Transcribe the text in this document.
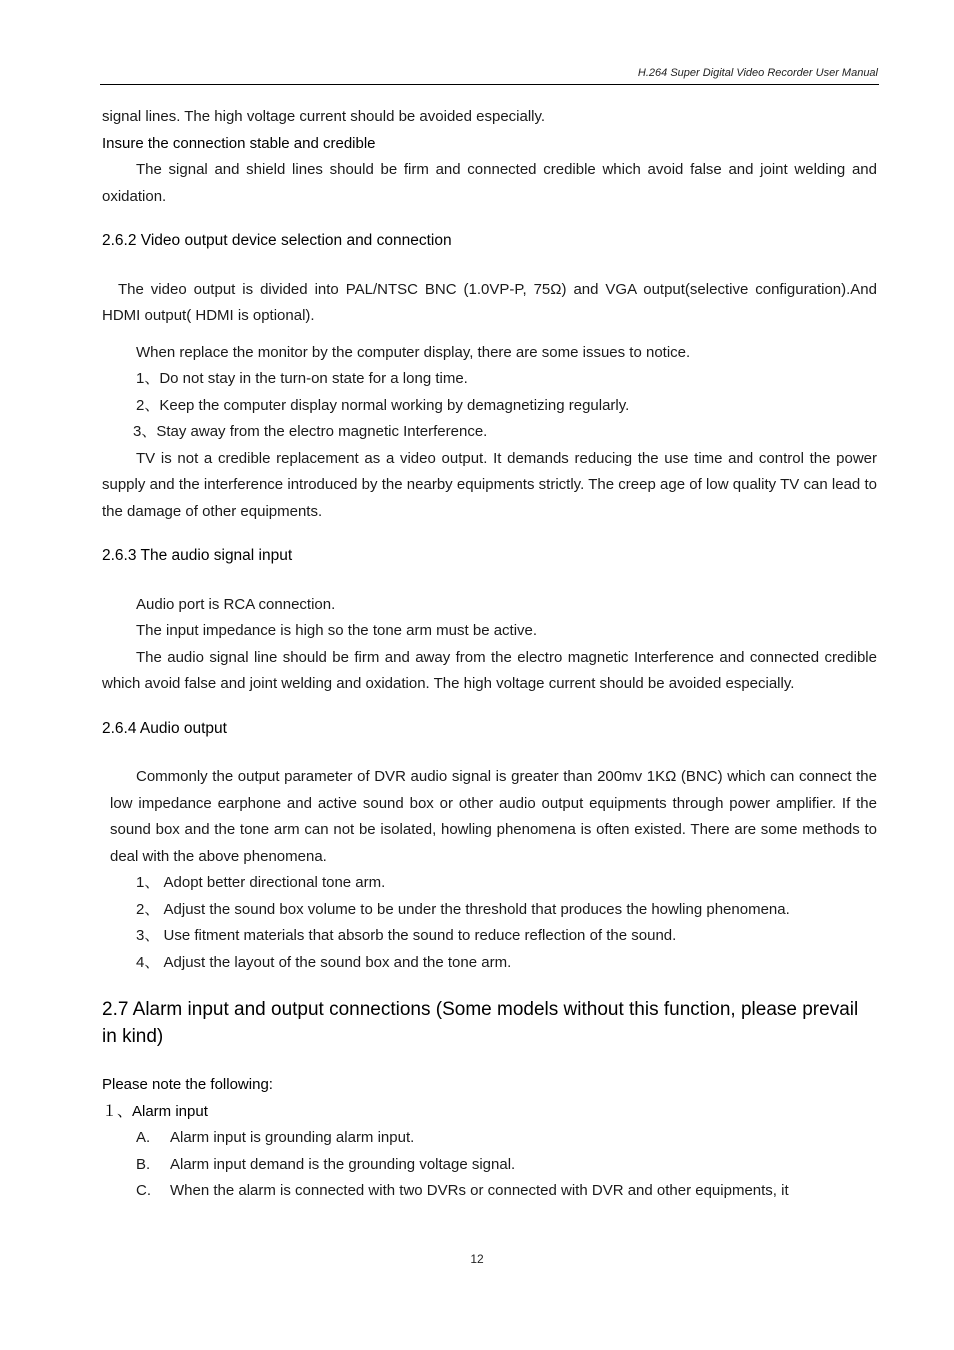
H.264 Super Digital Video Recorder User Manual

signal lines. The high voltage current should be avoided especially.

Insure the connection stable and credible

The signal and shield lines should be firm and connected credible which avoid false and joint welding and oxidation.

2.6.2 Video output device selection and connection

The video output is divided into PAL/NTSC BNC (1.0VP-P, 75Ω) and VGA output(selective configuration).And HDMI output( HDMI is optional).

When replace the monitor by the computer display, there are some issues to notice.

1、Do not stay in the turn-on state for a long time.

2、Keep the computer display normal working by demagnetizing regularly.

3、Stay away from the electro magnetic Interference.

TV is not a credible replacement as a video output. It demands reducing the use time and control the power supply and the interference introduced by the nearby equipments strictly. The creep age of low quality TV can lead to the damage of other equipments.

2.6.3 The audio signal input

Audio port is RCA connection.

The input impedance is high so the tone arm must be active.

The audio signal line should be firm and away from the electro magnetic Interference and connected credible which avoid false and joint welding and oxidation. The high voltage current should be avoided especially.

2.6.4 Audio output

Commonly the output parameter of DVR audio signal is greater than 200mv 1KΩ (BNC) which can connect the low impedance earphone and active sound box or other audio output equipments through power amplifier. If the sound box and the tone arm can not be isolated, howling phenomena is often existed. There are some methods to deal with the above phenomena.

1、 Adopt better directional tone arm.

2、 Adjust the sound box volume to be under the threshold that produces the howling phenomena.

3、 Use fitment materials that absorb the sound to reduce reflection of the sound.

4、 Adjust the layout of the sound box and the tone arm.

2.7 Alarm input and output connections (Some models without this function, please prevail in kind)

Please note the following:

１、Alarm input

A.	Alarm input is grounding alarm input.
B.	Alarm input demand is the grounding voltage signal.
C.	When the alarm is connected with two DVRs or connected with DVR and other equipments, it
12
